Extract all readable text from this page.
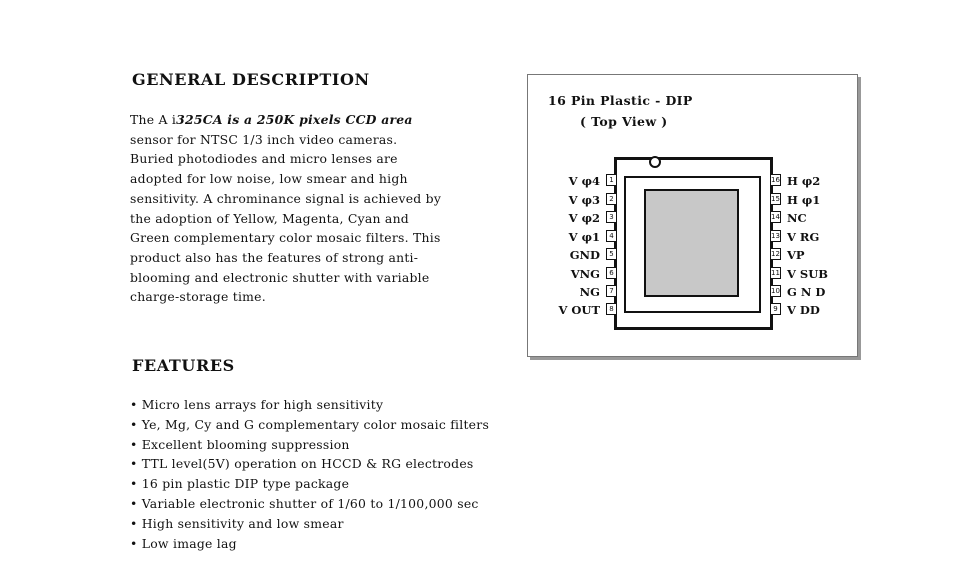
GENERAL DESCRIPTION
The A i325CA is a 250K pixels CCD area
sensor for NTSC 1/3 inch video cameras.
Buried photodiodes and micro lenses are
adopted for low noise, low smear and high
sensitivity. A chrominance signal is achieved by
the adoption of Yellow, Magenta, Cyan and
Green complementary color mosaic filters. This
product also has the features of strong anti-
blooming and electronic shutter with variable
charge-storage time.
FEATURES
• Micro lens arrays for high sensitivity
• Ye, Mg, Cy and G complementary color mosaic filters
• Excellent blooming suppression
• TTL level(5V) operation on HCCD & RG electrodes
• 16 pin plastic DIP type package
• Variable electronic shutter of 1/60 to 1/100,000 sec
• High sensitivity and low smear
• Low image lag
16 Pin Plastic - DIP
( Top View )
1
2
3
4
5
6
7
8
V φ4
V φ3
V φ2
V φ1
GND
VNG
NG
V OUT
16
15
14
13
12
11
10
9
H φ2
H φ1
NC
V RG
VP
V SUB
G N D
V DD
